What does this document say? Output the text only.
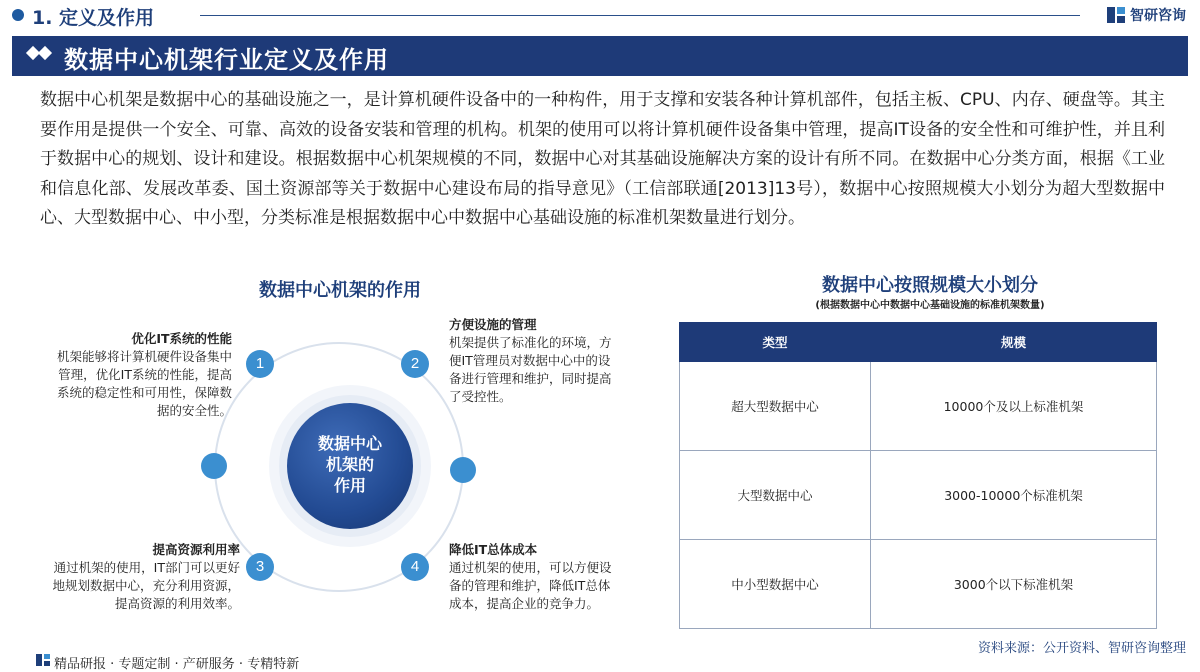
1. 定义及作用	智研咨询
数据中心机架行业定义及作用
数据中心机架是数据中心的基础设施之一，是计算机硬件设备中的一种构件，用于支撑和安装各种计算机部件，包括主板、CPU、内存、硬盘等。其主要作用是提供一个安全、可靠、高效的设备安装和管理的机构。机架的使用可以将计算机硬件设备集中管理，提高IT设备的安全性和可维护性，并且利于数据中心的规划、设计和建设。根据数据中心机架规模的不同，数据中心对其基础设施解决方案的设计有所不同。在数据中心分类方面，根据《工业和信息化部、发展改革委、国土资源部等关于数据中心建设布局的指导意见》（工信部联通[2013]13号），数据中心按照规模大小划分为超大型数据中心、大型数据中心、中小型，分类标准是根据数据中心中数据中心基础设施的标准机架数量进行划分。
数据中心机架的作用
数据中心
机架的
作用
1	2
3	4
优化IT系统的性能
机架能够将计算机硬件设备集中管理，优化IT系统的性能，提高系统的稳定性和可用性，保障数据的安全性。
方便设施的管理
机架提供了标准化的环境，方便IT管理员对数据中心中的设备进行管理和维护，同时提高了受控性。
提高资源利用率
通过机架的使用，IT部门可以更好地规划数据中心，充分利用资源，提高资源的利用效率。
降低IT总体成本
通过机架的使用，可以方便设备的管理和维护，降低IT总体成本，提高企业的竞争力。
数据中心按照规模大小划分
(根据数据中心中数据中心基础设施的标准机架数量)
类型	规模
超大型数据中心	10000个及以上标准机架
大型数据中心	3000-10000个标准机架
中小型数据中心	3000个以下标准机架
资料来源：公开资料、智研咨询整理
精品研报 · 专题定制 · 产研服务 · 专精特新
